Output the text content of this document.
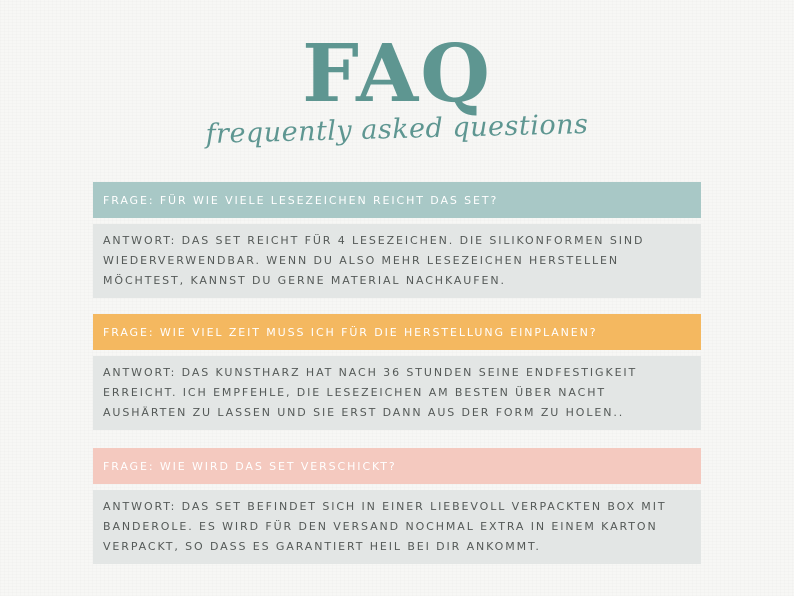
FAQ

frequently asked questions

FRAGE: FÜR WIE VIELE LESEZEICHEN REICHT DAS SET?
ANTWORT: DAS SET REICHT FÜR 4 LESEZEICHEN. DIE SILIKONFORMEN SIND WIEDERVERWENDBAR. WENN DU ALSO MEHR LESEZEICHEN HERSTELLEN MÖCHTEST, KANNST DU GERNE MATERIAL NACHKAUFEN.
FRAGE: WIE VIEL ZEIT MUSS ICH FÜR DIE HERSTELLUNG EINPLANEN?
ANTWORT: DAS KUNSTHARZ HAT NACH 36 STUNDEN SEINE ENDFESTIGKEIT ERREICHT. ICH EMPFEHLE, DIE LESEZEICHEN AM BESTEN ÜBER NACHT AUSHÄRTEN ZU LASSEN UND SIE ERST DANN AUS DER FORM ZU HOLEN..
FRAGE: WIE WIRD DAS SET VERSCHICKT?
ANTWORT: DAS SET BEFINDET SICH IN EINER LIEBEVOLL VERPACKTEN BOX MIT BANDEROLE. ES WIRD FÜR DEN VERSAND NOCHMAL EXTRA IN EINEM KARTON VERPACKT, SO DASS ES GARANTIERT HEIL BEI DIR ANKOMMT.
